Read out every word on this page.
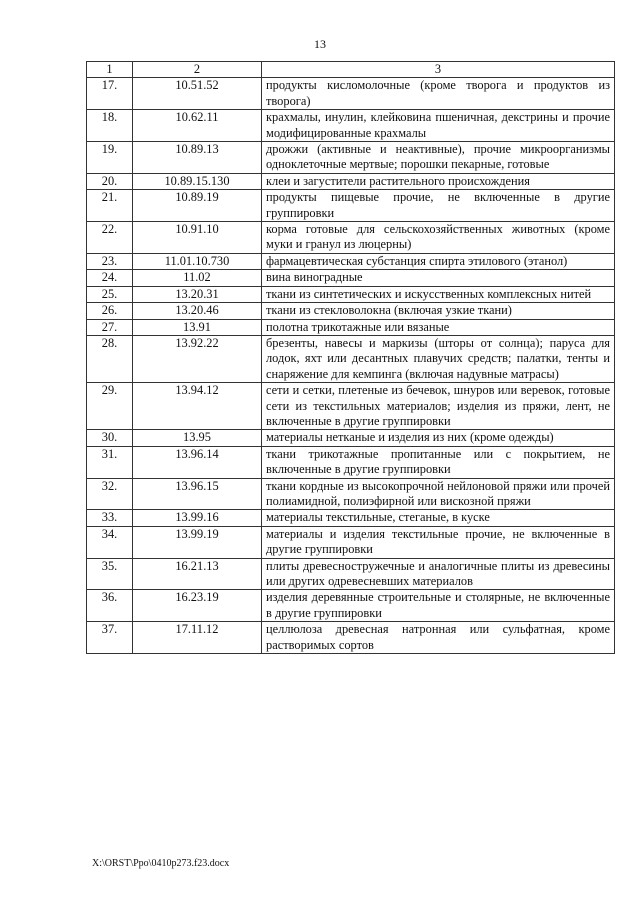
13
1	2	3
17.	10.51.52	продукты кисломолочные (кроме творога и продуктов из творога)
18.	10.62.11	крахмалы, инулин, клейковина пшеничная, декстрины и прочие модифицированные крахмалы
19.	10.89.13	дрожжи (активные и неактивные), прочие микроорганизмы одноклеточные мертвые; порошки пекарные, готовые
20.	10.89.15.130	клеи и загустители растительного происхождения
21.	10.89.19	продукты пищевые прочие, не включенные в другие группировки
22.	10.91.10	корма готовые для сельскохозяйственных животных (кроме муки и гранул из люцерны)
23.	11.01.10.730	фармацевтическая субстанция спирта этилового (этанол)
24.	11.02	вина виноградные
25.	13.20.31	ткани из синтетических и искусственных комплексных нитей
26.	13.20.46	ткани из стекловолокна (включая узкие ткани)
27.	13.91	полотна трикотажные или вязаные
28.	13.92.22	брезенты, навесы и маркизы (шторы от солнца); паруса для лодок, яхт или десантных плавучих средств; палатки, тенты и снаряжение для кемпинга (включая надувные матрасы)
29.	13.94.12	сети и сетки, плетеные из бечевок, шнуров или веревок, готовые сети из текстильных материалов; изделия из пряжи, лент, не включенные в другие группировки
30.	13.95	материалы нетканые и изделия из них (кроме одежды)
31.	13.96.14	ткани трикотажные пропитанные или с покрытием, не включенные в другие группировки
32.	13.96.15	ткани кордные из высокопрочной нейлоновой пряжи или прочей полиамидной, полиэфирной или вискозной пряжи
33.	13.99.16	материалы текстильные, стеганые, в куске
34.	13.99.19	материалы и изделия текстильные прочие, не включенные в другие группировки
35.	16.21.13	плиты древесностружечные и аналогичные плиты из древесины или других одревесневших материалов
36.	16.23.19	изделия деревянные строительные и столярные, не включенные в другие группировки
37.	17.11.12	целлюлоза древесная натронная или сульфатная, кроме растворимых сортов
X:\ORST\Ppo\0410p273.f23.docx
